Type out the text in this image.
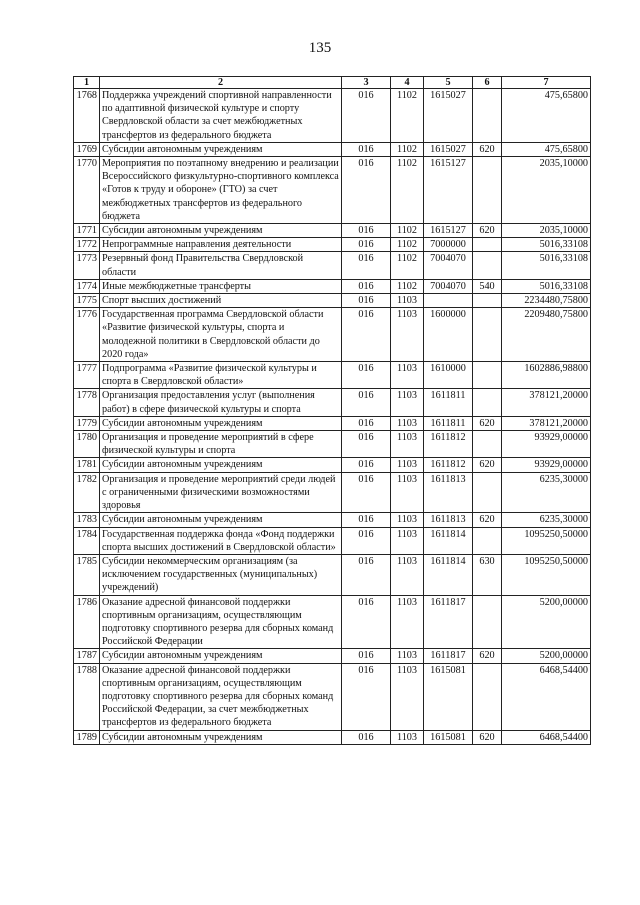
135
1	2	3	4	5	6	7
1768	Поддержка учреждений спортивной направленности по адаптивной физической культуре и спорту Свердловской области за счет межбюджетных трансфертов из федерального бюджета	016	1102	1615027		475,65800
1769	Субсидии автономным учреждениям	016	1102	1615027	620	475,65800
1770	Мероприятия по поэтапному внедрению и реализации Всероссийского физкультурно-спортивного комплекса «Готов к труду и обороне» (ГТО) за счет межбюджетных трансфертов из федерального бюджета	016	1102	1615127		2035,10000
1771	Субсидии автономным учреждениям	016	1102	1615127	620	2035,10000
1772	Непрограммные направления деятельности	016	1102	7000000		5016,33108
1773	Резервный фонд Правительства Свердловской области	016	1102	7004070		5016,33108
1774	Иные межбюджетные трансферты	016	1102	7004070	540	5016,33108
1775	Спорт высших достижений	016	1103			2234480,75800
1776	Государственная программа Свердловской области «Развитие физической культуры, спорта и молодежной политики в Свердловской области до 2020 года»	016	1103	1600000		2209480,75800
1777	Подпрограмма «Развитие физической культуры и спорта в Свердловской области»	016	1103	1610000		1602886,98800
1778	Организация предоставления услуг (выполнения работ) в сфере физической культуры и спорта	016	1103	1611811		378121,20000
1779	Субсидии автономным учреждениям	016	1103	1611811	620	378121,20000
1780	Организация и проведение мероприятий в сфере физической культуры и спорта	016	1103	1611812		93929,00000
1781	Субсидии автономным учреждениям	016	1103	1611812	620	93929,00000
1782	Организация и проведение мероприятий среди людей с ограниченными физическими возможностями здоровья	016	1103	1611813		6235,30000
1783	Субсидии автономным учреждениям	016	1103	1611813	620	6235,30000
1784	Государственная поддержка фонда «Фонд поддержки спорта высших достижений в Свердловской области»	016	1103	1611814		1095250,50000
1785	Субсидии некоммерческим организациям (за исключением государственных (муниципальных) учреждений)	016	1103	1611814	630	1095250,50000
1786	Оказание адресной финансовой поддержки спортивным организациям, осуществляющим подготовку спортивного резерва для сборных команд Российской Федерации	016	1103	1611817		5200,00000
1787	Субсидии автономным учреждениям	016	1103	1611817	620	5200,00000
1788	Оказание адресной финансовой поддержки спортивным организациям, осуществляющим подготовку спортивного резерва для сборных команд Российской Федерации, за счет межбюджетных трансфертов из федерального бюджета	016	1103	1615081		6468,54400
1789	Субсидии автономным учреждениям	016	1103	1615081	620	6468,54400
